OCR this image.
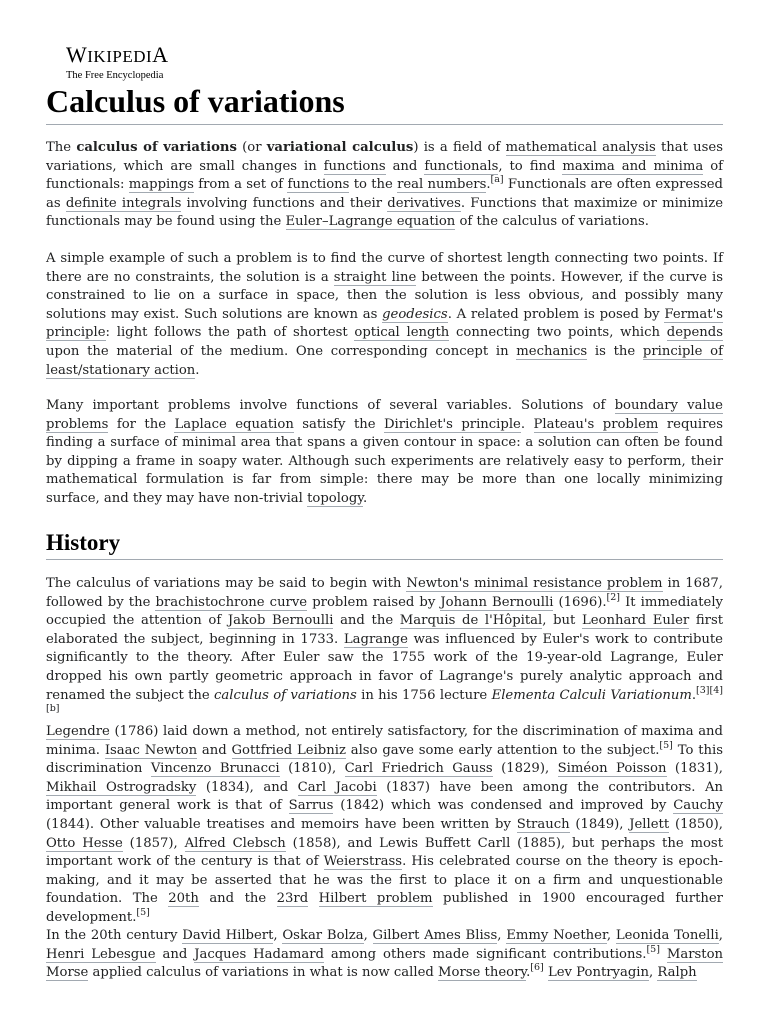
WIKIPEDIA
The Free Encyclopedia
Calculus of variations

The calculus of variations (or variational calculus) is a field of mathematical analysis that uses variations, which are small changes in functions and functionals, to find maxima and minima of functionals: mappings from a set of functions to the real numbers.[a] Functionals are often expressed as definite integrals involving functions and their derivatives. Functions that maximize or minimize functionals may be found using the Euler–Lagrange equation of the calculus of variations.

A simple example of such a problem is to find the curve of shortest length connecting two points. If there are no constraints, the solution is a straight line between the points. However, if the curve is constrained to lie on a surface in space, then the solution is less obvious, and possibly many solutions may exist. Such solutions are known as geodesics. A related problem is posed by Fermat's principle: light follows the path of shortest optical length connecting two points, which depends upon the material of the medium. One corresponding concept in mechanics is the principle of least/stationary action.

Many important problems involve functions of several variables. Solutions of boundary value problems for the Laplace equation satisfy the Dirichlet's principle. Plateau's problem requires finding a surface of minimal area that spans a given contour in space: a solution can often be found by dipping a frame in soapy water. Although such experiments are relatively easy to perform, their mathematical formulation is far from simple: there may be more than one locally minimizing surface, and they may have non-trivial topology.

History

The calculus of variations may be said to begin with Newton's minimal resistance problem in 1687, followed by the brachistochrone curve problem raised by Johann Bernoulli (1696).[2] It immediately occupied the attention of Jakob Bernoulli and the Marquis de l'Hôpital, but Leonhard Euler first elaborated the subject, beginning in 1733. Lagrange was influenced by Euler's work to contribute significantly to the theory. After Euler saw the 1755 work of the 19-year-old Lagrange, Euler dropped his own partly geometric approach in favor of Lagrange's purely analytic approach and renamed the subject the calculus of variations in his 1756 lecture Elementa Calculi Variationum.[3][4][b]

Legendre (1786) laid down a method, not entirely satisfactory, for the discrimination of maxima and minima. Isaac Newton and Gottfried Leibniz also gave some early attention to the subject.[5] To this discrimination Vincenzo Brunacci (1810), Carl Friedrich Gauss (1829), Siméon Poisson (1831), Mikhail Ostrogradsky (1834), and Carl Jacobi (1837) have been among the contributors. An important general work is that of Sarrus (1842) which was condensed and improved by Cauchy (1844). Other valuable treatises and memoirs have been written by Strauch (1849), Jellett (1850), Otto Hesse (1857), Alfred Clebsch (1858), and Lewis Buffett Carll (1885), but perhaps the most important work of the century is that of Weierstrass. His celebrated course on the theory is epoch-making, and it may be asserted that he was the first to place it on a firm and unquestionable foundation. The 20th and the 23rd Hilbert problem published in 1900 encouraged further development.[5]

In the 20th century David Hilbert, Oskar Bolza, Gilbert Ames Bliss, Emmy Noether, Leonida Tonelli, Henri Lebesgue and Jacques Hadamard among others made significant contributions.[5] Marston Morse applied calculus of variations in what is now called Morse theory.[6] Lev Pontryagin, Ralph
